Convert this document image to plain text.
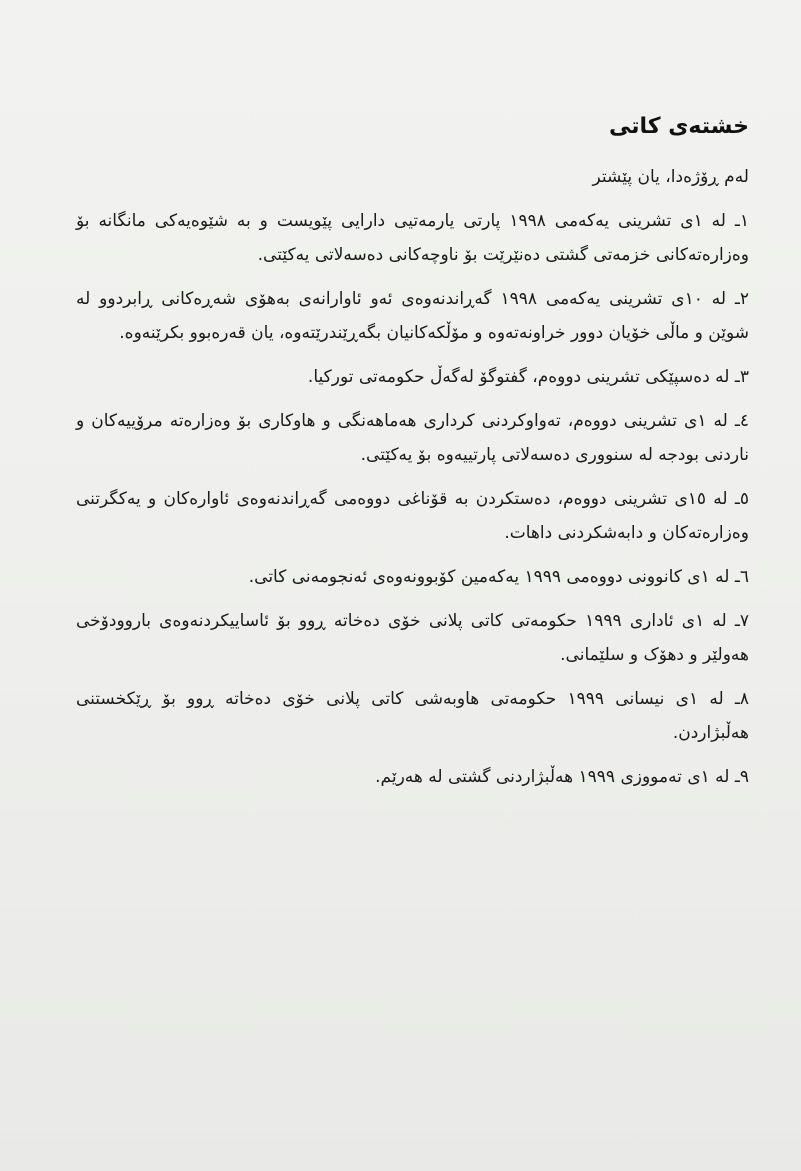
خشتەی کاتی

لەم ڕۆژەدا، یان پێشتر

١ـ لە ١ی تشرینی یەکەمی ١٩٩٨ پارتی یارمەتیی دارایی پێویست و بە شێوەیەکی مانگانە بۆ وەزارەتەکانی خزمەتی گشتی دەنێرێت بۆ ناوچەکانی دەسەلاتی یەکێتی.
٢ـ لە ١٠ی تشرینی یەکەمی ١٩٩٨ گەڕاندنەوەی ئەو ئاوارانەی بەهۆی شەڕەکانی ڕابردوو لە شوێن و ماڵی خۆیان دوور خراونەتەوە و مۆڵکەکانیان بگەڕێندرێتەوە، یان قەرەبوو بکرێنەوە.
٣ـ لە دەسپێکی تشرینی دووەم، گفتوگۆ لەگەڵ حکومەتی تورکیا.
٤ـ لە ١ی تشرینی دووەم، تەواوکردنی کرداری هەماهەنگی و هاوکاری بۆ وەزارەتە مرۆییەکان و ناردنی بودجە لە سنووری دەسەلاتی پارتییەوە بۆ یەکێتی.
٥ـ لە ١٥ی تشرینی دووەم، دەستکردن بە قۆناغی دووەمی گەڕاندنەوەی ئاوارەکان و یەکگرتنی وەزارەتەکان و دابەشکردنی داهات.
٦ـ لە ١ی کانوونی دووەمی ١٩٩٩ یەکەمین کۆبوونەوەی ئەنجومەنی کاتی.
٧ـ لە ١ی ئاداری ١٩٩٩ حکومەتی کاتی پلانی خۆی دەخاتە ڕوو بۆ ئاساییکردنەوەی باروودۆخی هەولێر و دهۆک و سلێمانی.
٨ـ لە ١ی نیسانی ١٩٩٩ حکومەتی هاوبەشی کاتی پلانی خۆی دەخاتە ڕوو بۆ ڕێکخستنی هەڵبژاردن.
٩ـ لە ١ی تەمووزی ١٩٩٩ هەڵبژاردنی گشتی لە هەرێم.
